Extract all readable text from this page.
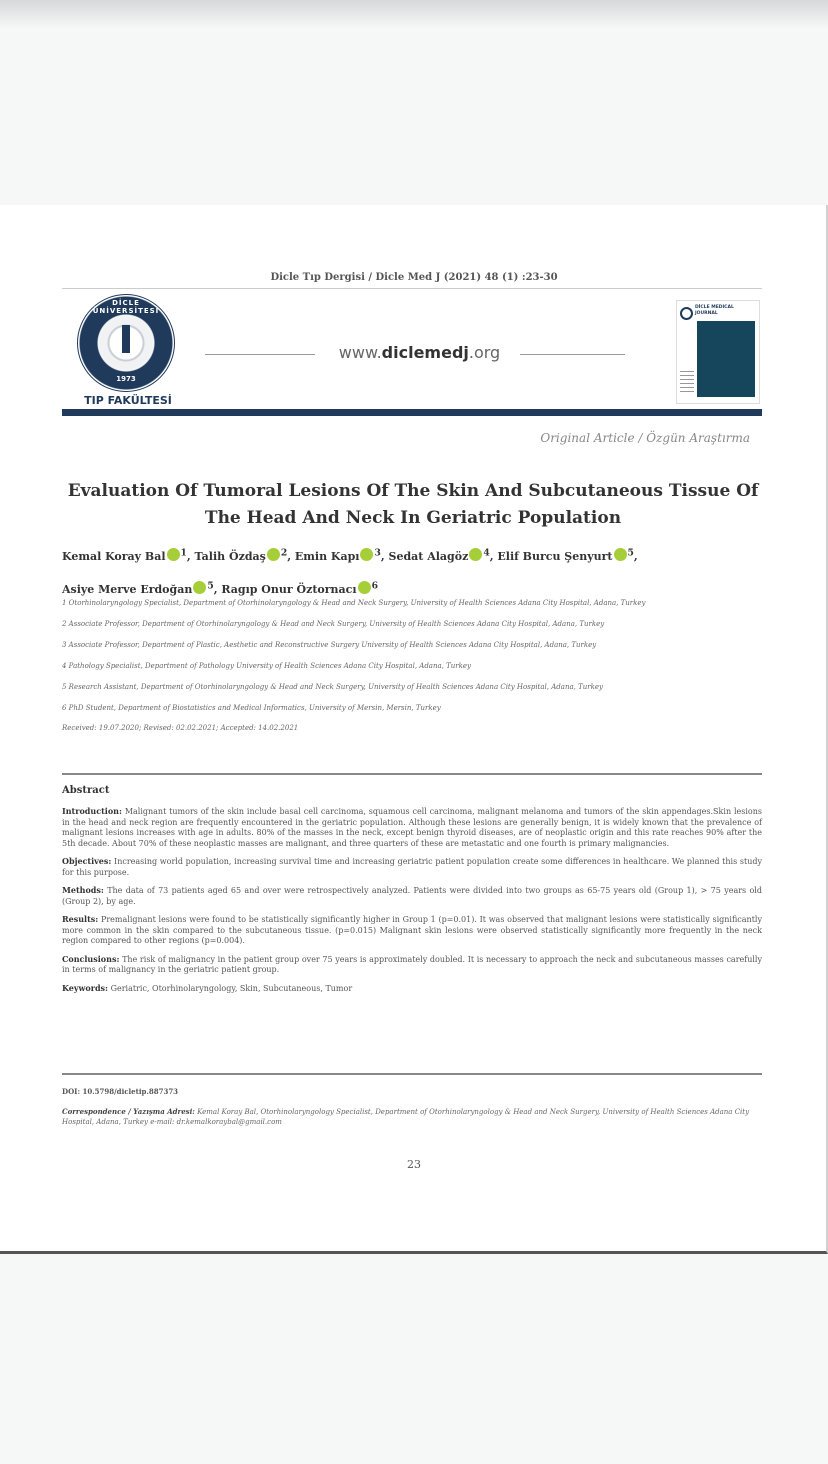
Dicle Tıp Dergisi / Dicle Med J (2021) 48 (1) :23-30
DİCLE ÜNİVERSİTESİ
1973
TIP FAKÜLTESİ
www.diclemedj.org
DİCLE MEDICAL JOURNAL
Original Article / Özgün Araştırma
Evaluation Of Tumoral Lesions Of The Skin And Subcutaneous Tissue Of The Head And Neck In Geriatric Population
Kemal Koray Bal $^1$, Talih Özdaş $^2$, Emin Kapı $^3$, Sedat Alagöz $^4$, Elif Burcu Şenyurt $^5$,
Asiye Merve Erdoğan $^5$, Ragıp Onur Öztornacı $^6$
1 Otorhinolaryngology Specialist, Department of Otorhinolaryngology & Head and Neck Surgery, University of Health Sciences Adana City Hospital, Adana, Turkey
2 Associate Professor, Department of Otorhinolaryngology & Head and Neck Surgery, University of Health Sciences Adana City Hospital, Adana, Turkey
3 Associate Professor, Department of Plastic, Aesthetic and Reconstructive Surgery University of Health Sciences Adana City Hospital, Adana, Turkey
4 Pathology Specialist, Department of Pathology University of Health Sciences Adana City Hospital, Adana, Turkey
5 Research Assistant, Department of Otorhinolaryngology & Head and Neck Surgery, University of Health Sciences Adana City Hospital, Adana, Turkey
6 PhD Student, Department of Biostatistics and Medical Informatics, University of Mersin, Mersin, Turkey
Received: 19.07.2020; Revised: 02.02.2021; Accepted: 14.02.2021
Abstract

Introduction: Malignant tumors of the skin include basal cell carcinoma, squamous cell carcinoma, malignant melanoma and tumors of the skin appendages.Skin lesions in the head and neck region are frequently encountered in the geriatric population. Although these lesions are generally benign, it is widely known that the prevalence of malignant lesions increases with age in adults. 80% of the masses in the neck, except benign thyroid diseases, are of neoplastic origin and this rate reaches 90% after the 5th decade. About 70% of these neoplastic masses are malignant, and three quarters of these are metastatic and one fourth is primary malignancies.

Objectives: Increasing world population, increasing survival time and increasing geriatric patient population create some differences in healthcare. We planned this study for this purpose.

Methods: The data of 73 patients aged 65 and over were retrospectively analyzed. Patients were divided into two groups as 65-75 years old (Group 1), > 75 years old (Group 2), by age.

Results: Premalignant lesions were found to be statistically significantly higher in Group 1 (p=0.01). It was observed that malignant lesions were statistically significantly more common in the skin compared to the subcutaneous tissue. (p=0.015) Malignant skin lesions were observed statistically significantly more frequently in the neck region compared to other regions (p=0.004).

Conclusions: The risk of malignancy in the patient group over 75 years is approximately doubled. It is necessary to approach the neck and subcutaneous masses carefully in terms of malignancy in the geriatric patient group.

Keywords: Geriatric, Otorhinolaryngology, Skin, Subcutaneous, Tumor

DOI: 10.5798/dicletip.887373
Correspondence / Yazışma Adresi: Kemal Koray Bal, Otorhinolaryngology Specialist, Department of Otorhinolaryngology & Head and Neck Surgery, University of Health Sciences Adana City Hospital, Adana, Turkey e-mail: dr.kemalkoraybal@gmail.com
23
